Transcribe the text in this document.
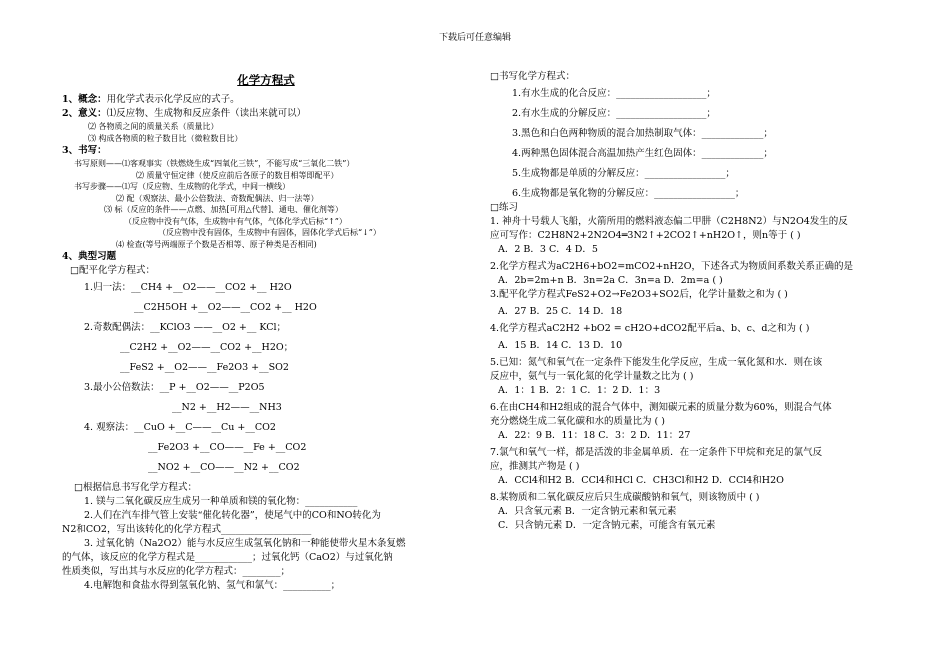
下载后可任意编辑
化学方程式
1、概念：用化学式表示化学反应的式子。
2、意义：⑴反应物、生成物和反应条件（读出来就可以）
⑵ 各物质之间的质量关系（质量比）
⑶ 构成各物质的粒子数目比（微粒数目比）
3、书写：
书写原则——⑴客观事实（铁燃烧生成“四氧化三铁”，不能写成“三氧化二铁”）
⑵ 质量守恒定律（使反应前后各原子的数目相等即配平）
书写步骤——⑴写（反应物、生成物的化学式，中间一横线）
⑵ 配（观察法、最小公倍数法、奇数配偶法、归一法等）
⑶ 标（反应的条件——点燃、加热[可用△代替]、通电、催化剂等）
（反应物中没有气体，生成物中有气体，气体化学式后标“↑”）
（反应物中没有固体，生成物中有固体，固体化学式后标“↓”）
⑷ 检查(等号两端原子个数是否相等、原子种类是否相同)
4、典型习题
□配平化学方程式：
1.归一法：__CH4 +__O2——__CO2 +__ H2O
__C2H5OH +__O2——__CO2 +__ H2O
2.奇数配偶法：__KClO3 ——__O2 +__ KCl；
__C2H2 +__O2——__CO2 +__H2O；
__FeS2 +__O2——__Fe2O3 +__SO2
3.最小公倍数法：__P +__O2——__P2O5
__N2 +__H2——__NH3
4. 观察法：__CuO +__C——__Cu +__CO2
__Fe2O3 +__CO——__Fe +__CO2
__NO2 +__CO——__N2 +__CO2
□根据信息书写化学方程式：
1. 镁与二氧化碳反应生成另一种单质和镁的氧化物：___________
2.人们在汽车排气管上安装“催化转化器”，使尾气中的CO和NO转化为
N2和CO2，写出该转化的化学方程式___________________
3. 过氧化钠（Na2O2）能与水反应生成氢氧化钠和一种能使带火星木条复燃
的气体，该反应的化学方程式是____________；过氧化钙（CaO2）与过氧化钠
性质类似，写出其与水反应的化学方程式：________；
4.电解饱和食盐水得到氢氧化钠、氢气和氯气：__________；
□书写化学方程式：
1.有水生成的化合反应：___________________；
2.有水生成的分解反应：___________________；
3.黑色和白色两种物质的混合加热制取气体：_____________；
4.两种黑色固体混合高温加热产生红色固体：_____________；
5.生成物都是单质的分解反应：_________________；
6.生成物都是氧化物的分解反应：_________________；
□练习
1. 神舟十号载人飞船，火箭所用的燃料液态偏二甲肼（C2H8N2）与N2O4发生的反
应可写作：C2H8N2+2N2O4═3N2↑+2CO2↑+nH2O↑，则n等于 ( )
A．2 B．3 C．4 D．5
2.化学方程式为aC2H6+bO2=mCO2+nH2O，下述各式为物质间系数关系正确的是
A．2b=2m+n B．3n=2a C．3n=a D．2m=a ( )
3.配平化学方程式FeS2+O2→Fe2O3+SO2后，化学计量数之和为 ( )
A．27 B．25 C．14 D．18
4.化学方程式aC2H2 +bO2 = cH2O+dCO2配平后a、b、c、d之和为 ( )
A．15 B．14 C．13 D．10
5.已知：氮气和氧气在一定条件下能发生化学反应，生成一氧化氮和水．则在该
反应中，氨气与一氧化氮的化学计量数之比为 ( )
A．1：1 B．2：1 C．1：2 D．1：3
6.在由CH4和H2组成的混合气体中，测知碳元素的质量分数为60%，则混合气体
充分燃烧生成二氧化碳和水的质量比为 ( )
A．22：9 B．11：18 C．3：2 D．11：27
7.氯气和氧气一样，都是活泼的非金属单质．在一定条件下甲烷和充足的氯气反
应，推测其产物是 ( )
A．CCl4和H2 B．CCl4和HCl C．CH3Cl和H2 D．CCl4和H2O
8.某物质和二氧化碳反应后只生成碳酸钠和氧气，则该物质中 ( )
A．只含氧元素 B．一定含钠元素和氧元素
C．只含钠元素 D．一定含钠元素，可能含有氧元素
